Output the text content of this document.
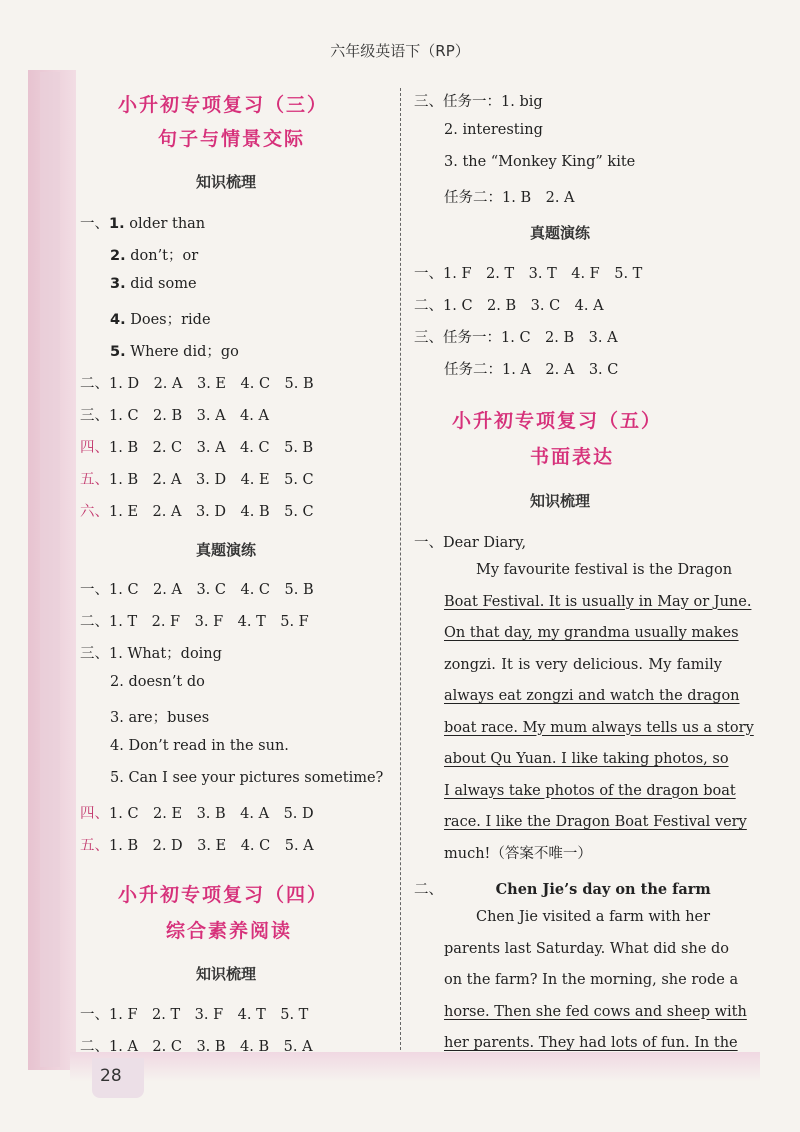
28
六年级英语下（RP）
小升初专项复习（三）
句子与情景交际
知识梳理
一、1. older than
2. don’t；or
3. did some
4. Does；ride
5. Where did；go
二、1. D　2. A　3. E　4. C　5. B
三、1. C　2. B　3. A　4. A
四、1. B　2. C　3. A　4. C　5. B
五、1. B　2. A　3. D　4. E　5. C
六、1. E　2. A　3. D　4. B　5. C
真题演练
一、1. C　2. A　3. C　4. C　5. B
二、1. T　2. F　3. F　4. T　5. F
三、1. What；doing
2. doesn’t do
3. are；buses
4. Don’t read in the sun.
5. Can I see your pictures sometime?
四、1. C　2. E　3. B　4. A　5. D
五、1. B　2. D　3. E　4. C　5. A
小升初专项复习（四）
综合素养阅读
知识梳理
一、1. F　2. T　3. F　4. T　5. T
二、1. A　2. C　3. B　4. B　5. A
三、任务一：1. big
2. interesting
3. the “Monkey King” kite
任务二：1. B　2. A
真题演练
一、1. F　2. T　3. T　4. F　5. T
二、1. C　2. B　3. C　4. A
三、任务一：1. C　2. B　3. A
任务二：1. A　2. A　3. C
小升初专项复习（五）
书面表达
知识梳理
一、Dear Diary,
My favourite festival is the Dragon
Boat Festival. It is usually in May or June.
On that day, my grandma usually makes
zongzi. It is very delicious. My family
always eat zongzi and watch the dragon
boat race. My mum always tells us a story
about Qu Yuan. I like taking photos, so
I always take photos of the dragon boat
race. I like the Dragon Boat Festival very
much!（答案不唯一）
二、	Chen Jie’s day on the farm
Chen Jie visited a farm with her
parents last Saturday. What did she do
on the farm? In the morning, she rode a
horse. Then she fed cows and sheep with
her parents. They had lots of fun. In the
